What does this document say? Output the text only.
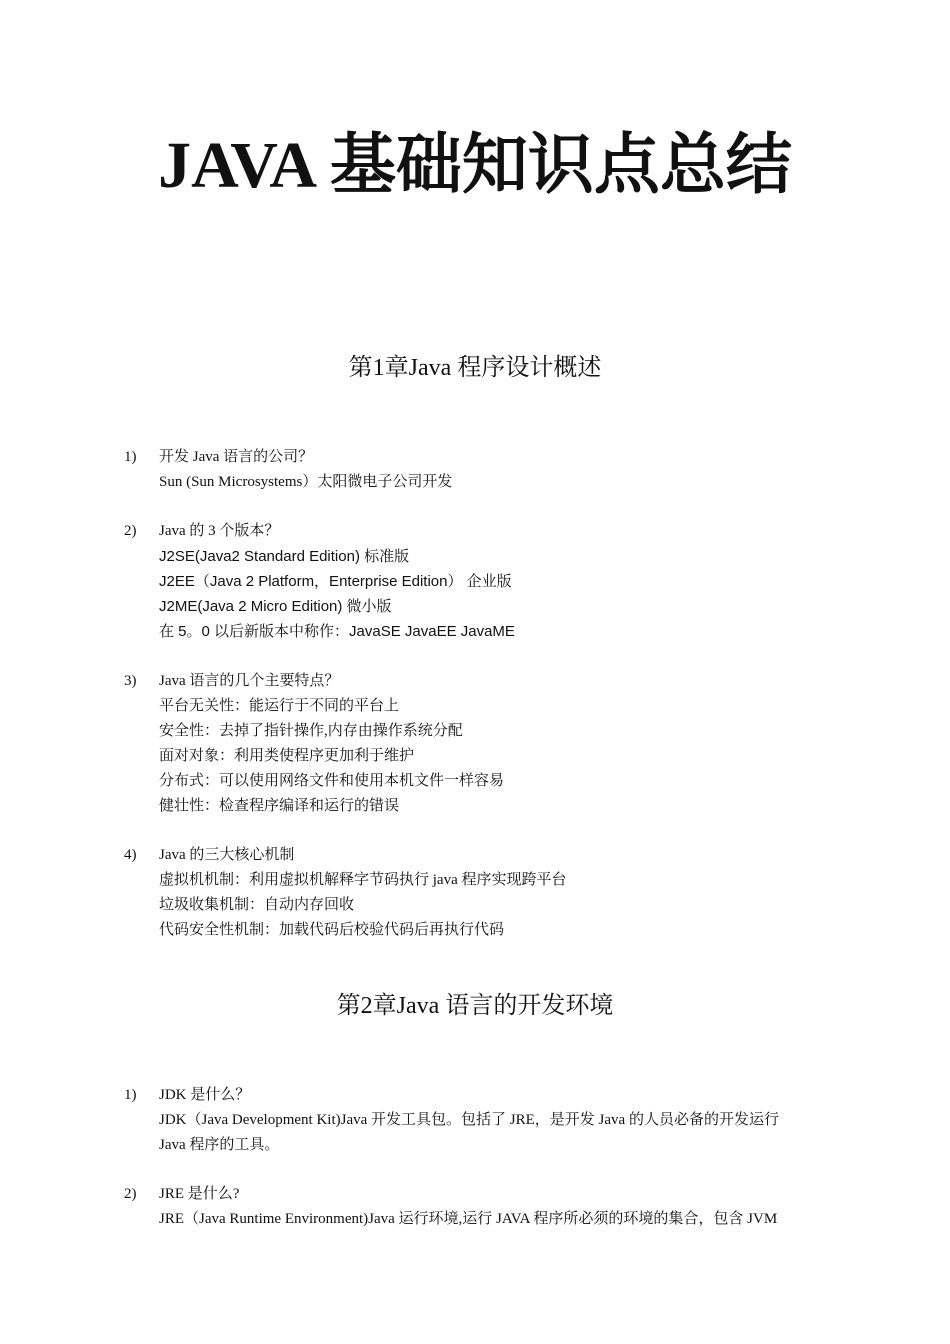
JAVA 基础知识点总结
第1章Java 程序设计概述
1) 开发 Java 语言的公司？
Sun (Sun Microsystems）太阳微电子公司开发
2) Java 的 3 个版本？
J2SE(Java2 Standard Edition) 标准版
J2EE（Java 2 Platform，Enterprise Edition） 企业版
J2ME(Java 2 Micro Edition) 微小版
在 5。0 以后新版本中称作：JavaSE JavaEE JavaME
3) Java 语言的几个主要特点？
平台无关性：能运行于不同的平台上
安全性：去掉了指针操作,内存由操作系统分配
面对对象：利用类使程序更加利于维护
分布式：可以使用网络文件和使用本机文件一样容易
健壮性：检查程序编译和运行的错误
4) Java 的三大核心机制
虚拟机机制：利用虚拟机解释字节码执行 java 程序实现跨平台
垃圾收集机制：自动内存回收
代码安全性机制：加载代码后校验代码后再执行代码
第2章Java 语言的开发环境
1) JDK 是什么？
JDK（Java Development Kit)Java 开发工具包。包括了 JRE，是开发 Java 的人员必备的开发运行
Java 程序的工具。
2) JRE 是什么?
JRE（Java Runtime Environment)Java 运行环境,运行 JAVA 程序所必须的环境的集合，包含 JVM
